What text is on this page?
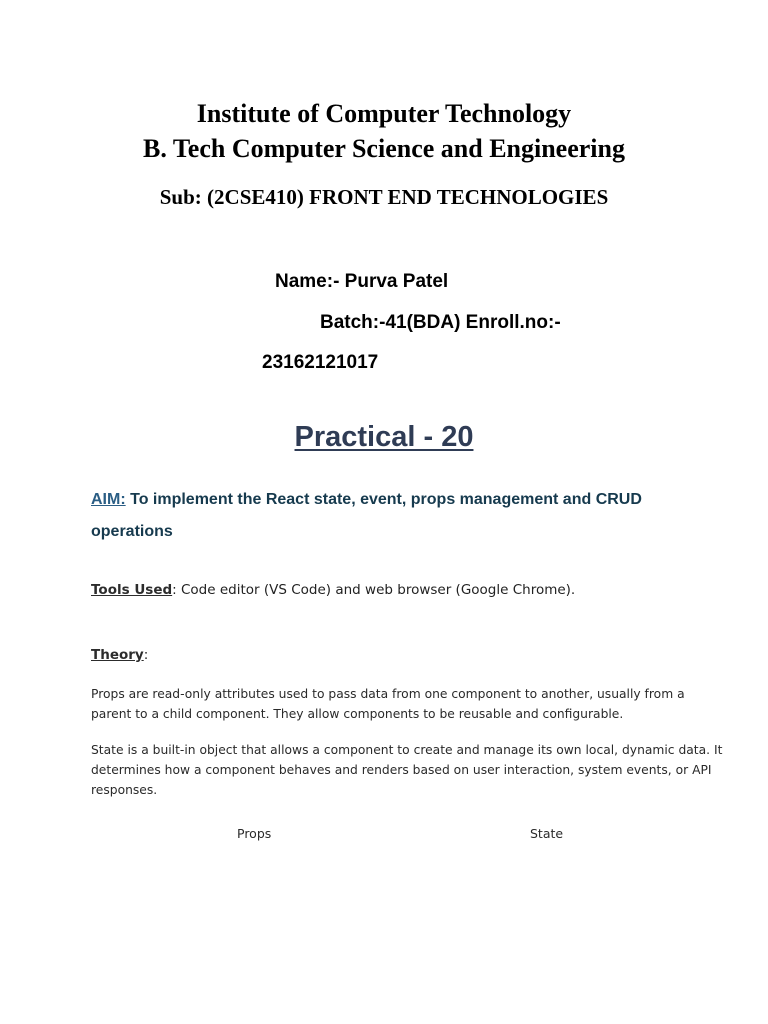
Institute of Computer Technology
B. Tech Computer Science and Engineering
Sub: (2CSE410) FRONT END TECHNOLOGIES
Name:- Purva Patel
Batch:-41(BDA) Enroll.no:-
23162121017
Practical - 20
AIM: To implement the React state, event, props management and CRUD
operations
Tools Used: Code editor (VS Code) and web browser (Google Chrome).
Theory:
Props are read-only attributes used to pass data from one component to another, usually from a
parent to a child component. They allow components to be reusable and configurable.
State is a built-in object that allows a component to create and manage its own local, dynamic data. It
determines how a component behaves and renders based on user interaction, system events, or API
responses.
Props	State
